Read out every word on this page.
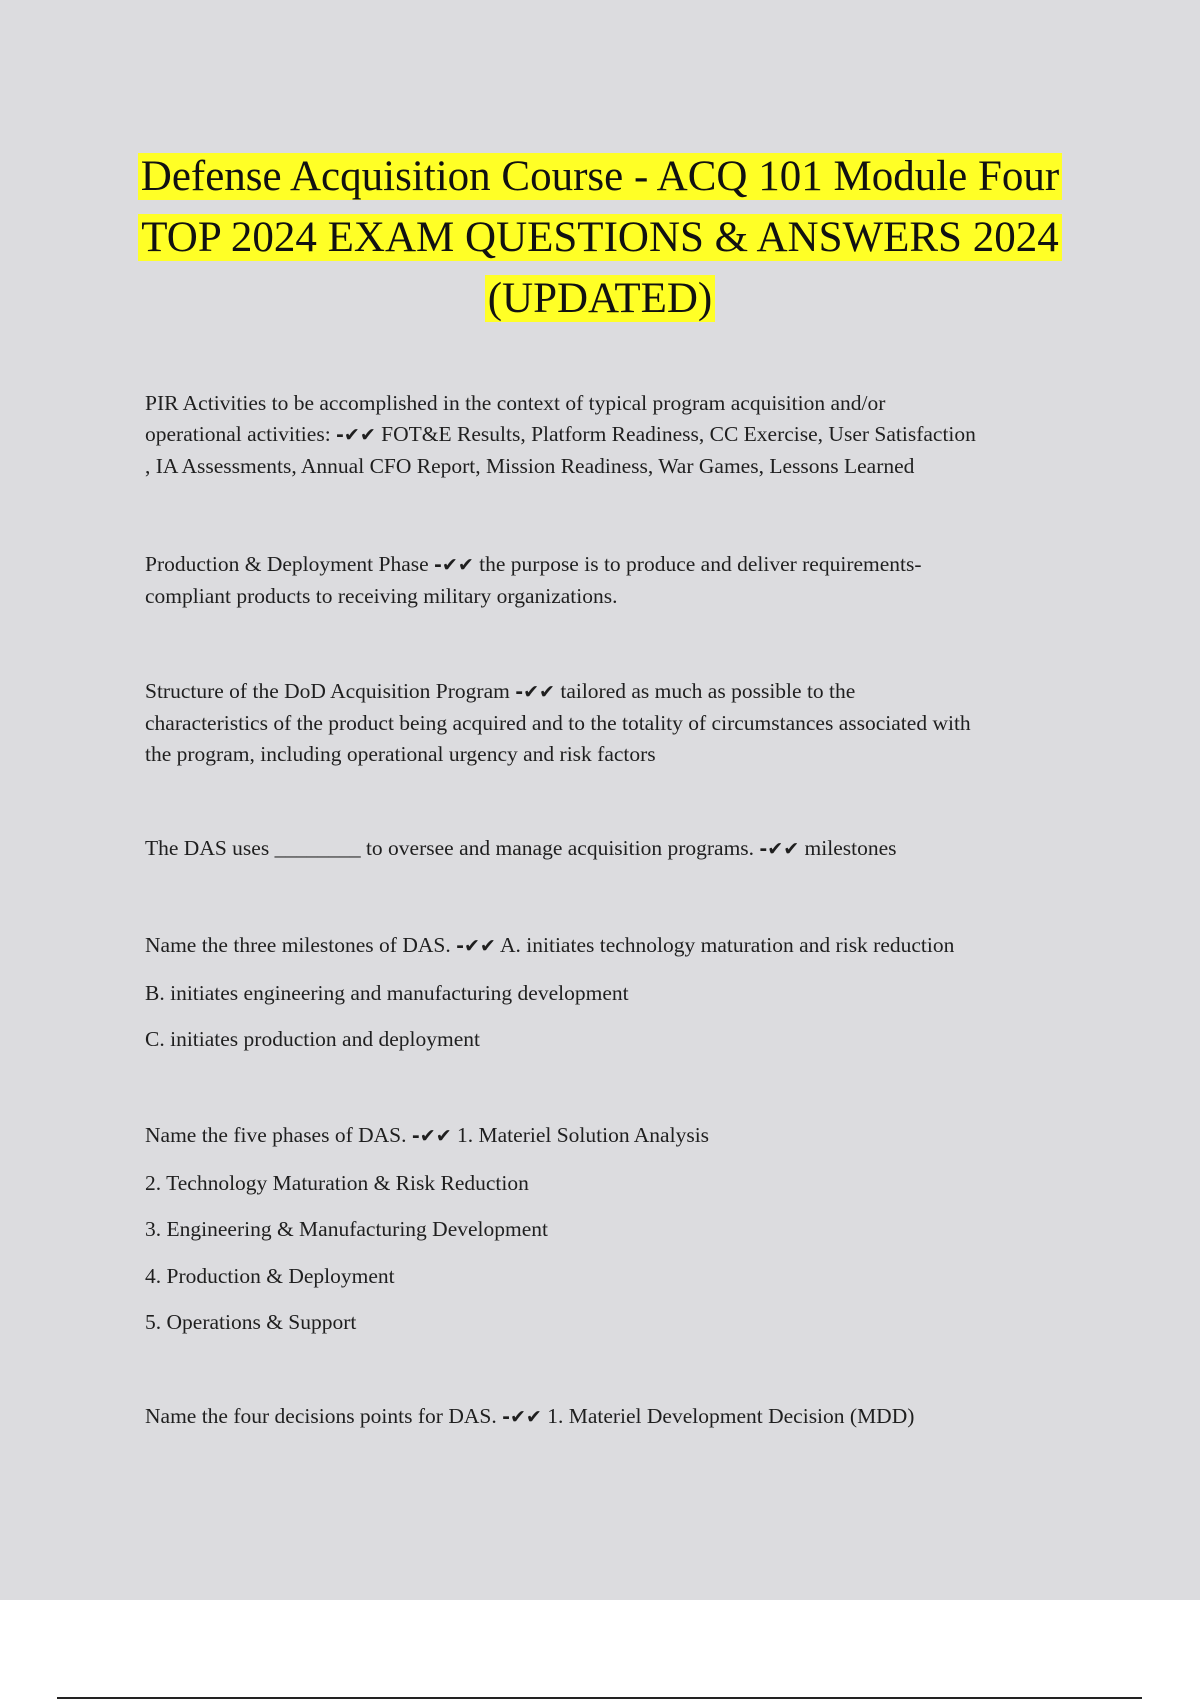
Defense Acquisition Course - ACQ 101 Module Four TOP 2024 EXAM QUESTIONS & ANSWERS 2024 (UPDATED)
PIR Activities to be accomplished in the context of typical program acquisition and/or
operational activities: -✔✔ FOT&E Results, Platform Readiness, CC Exercise, User Satisfaction
, IA Assessments, Annual CFO Report, Mission Readiness, War Games, Lessons Learned
Production & Deployment Phase -✔✔ the purpose is to produce and deliver requirements-
compliant products to receiving military organizations.
Structure of the DoD Acquisition Program -✔✔ tailored as much as possible to the
characteristics of the product being acquired and to the totality of circumstances associated with
the program, including operational urgency and risk factors
The DAS uses ________ to oversee and manage acquisition programs. -✔✔ milestones
Name the three milestones of DAS. -✔✔ A. initiates technology maturation and risk reduction
B. initiates engineering and manufacturing development
C. initiates production and deployment
Name the five phases of DAS. -✔✔ 1. Materiel Solution Analysis
2. Technology Maturation & Risk Reduction
3. Engineering & Manufacturing Development
4. Production & Deployment
5. Operations & Support
Name the four decisions points for DAS. -✔✔ 1. Materiel Development Decision (MDD)
